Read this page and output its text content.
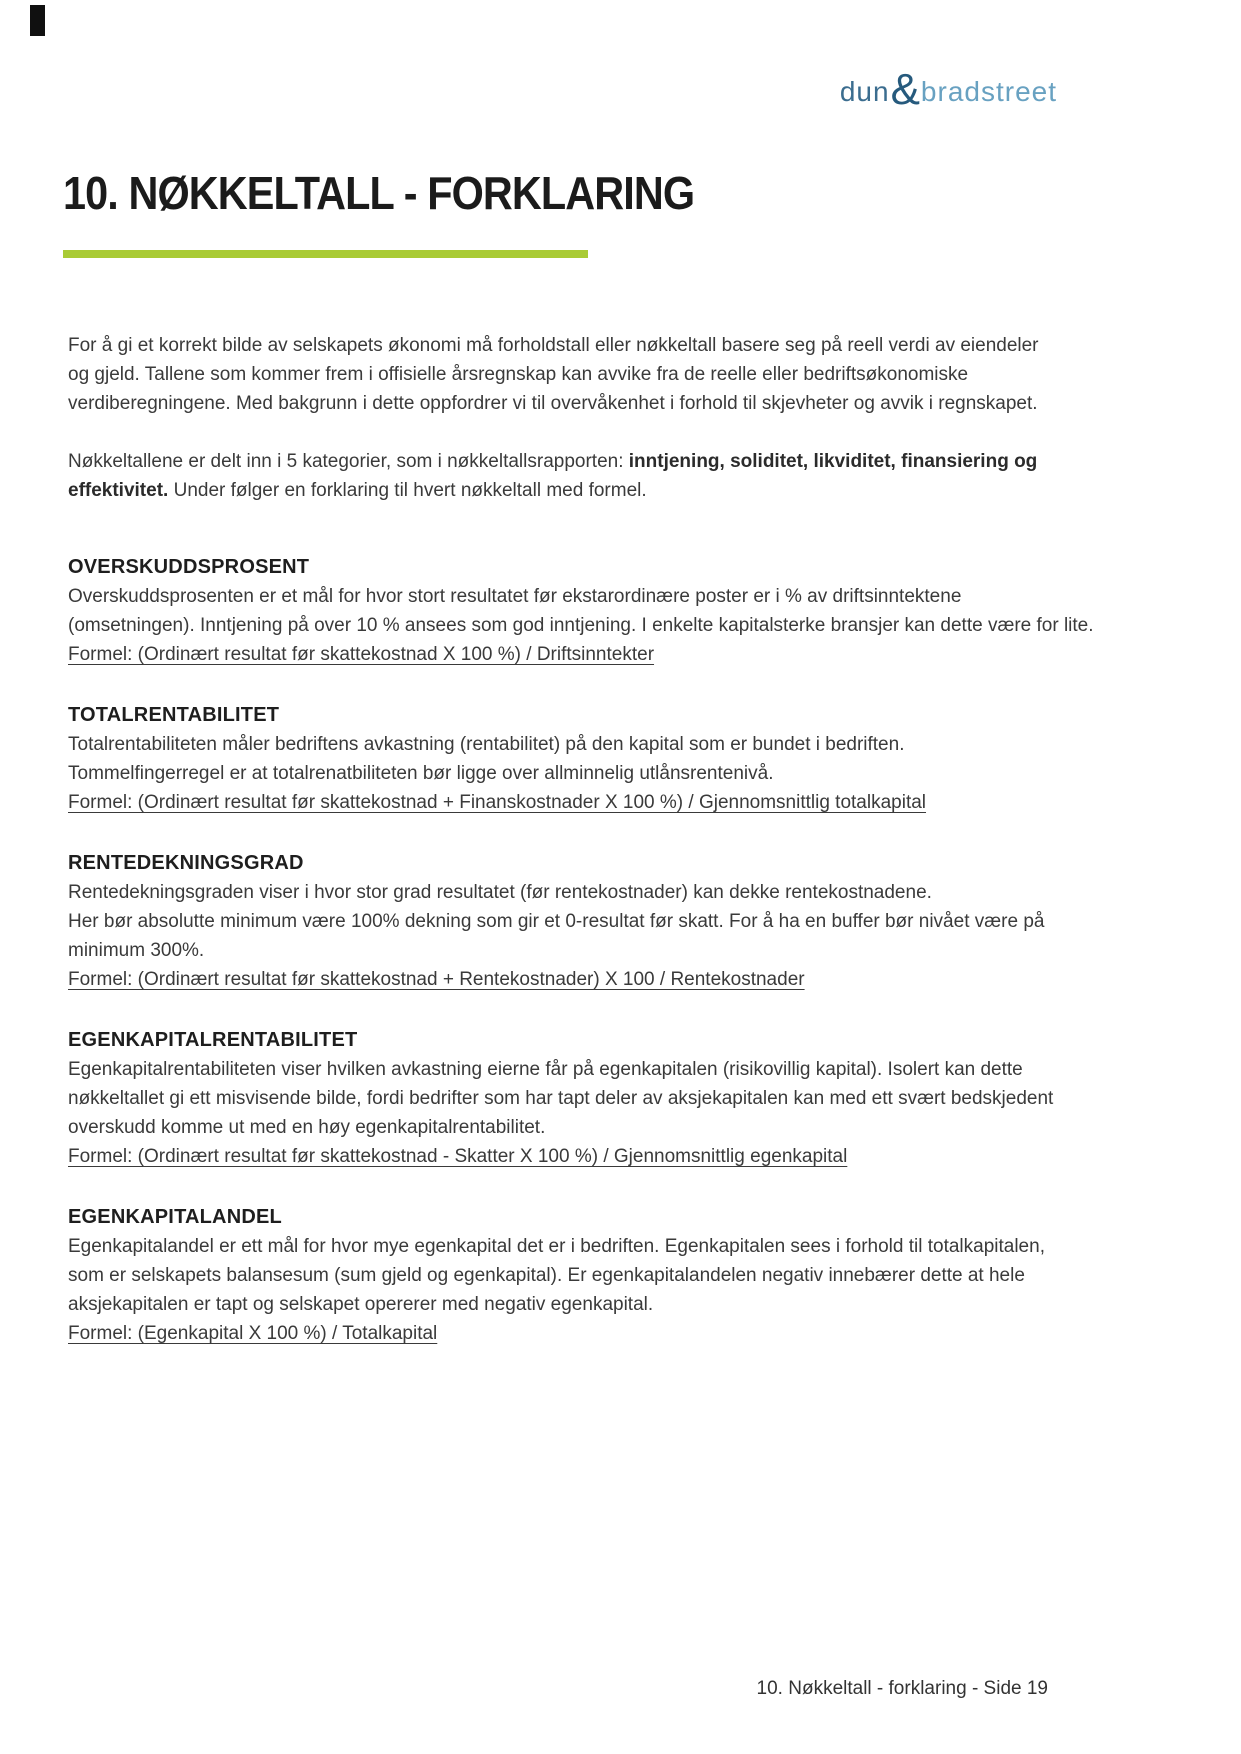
dun & bradstreet
10. NØKKELTALL - FORKLARING
For å gi et korrekt bilde av selskapets økonomi må forholdstall eller nøkkeltall basere seg på reell verdi av eiendeler
og gjeld. Tallene som kommer frem i offisielle årsregnskap kan avvike fra de reelle eller bedriftsøkonomiske
verdiberegningene. Med bakgrunn i dette oppfordrer vi til overvåkenhet i forhold til skjevheter og avvik i regnskapet.
Nøkkeltallene er delt inn i 5 kategorier, som i nøkkeltallsrapporten: inntjening, soliditet, likviditet, finansiering og
effektivitet. Under følger en forklaring til hvert nøkkeltall med formel.
OVERSKUDDSPROSENT
Overskuddsprosenten er et mål for hvor stort resultatet før ekstarordinære poster er i % av driftsinntektene
(omsetningen). Inntjening på over 10 % ansees som god inntjening. I enkelte kapitalsterke bransjer kan dette være for lite.
Formel: (Ordinært resultat før skattekostnad X 100 %) / Driftsinntekter
TOTALRENTABILITET
Totalrentabiliteten måler bedriftens avkastning (rentabilitet) på den kapital som er bundet i bedriften.
Tommelfingerregel er at totalrenatbiliteten bør ligge over allminnelig utlånsrentenivå.
Formel: (Ordinært resultat før skattekostnad + Finanskostnader X 100 %) / Gjennomsnittlig totalkapital
RENTEDEKNINGSGRAD
Rentedekningsgraden viser i hvor stor grad resultatet (før rentekostnader) kan dekke rentekostnadene.
Her bør absolutte minimum være 100% dekning som gir et 0-resultat før skatt. For å ha en buffer bør nivået være på
minimum 300%.
Formel: (Ordinært resultat før skattekostnad + Rentekostnader) X 100 / Rentekostnader
EGENKAPITALRENTABILITET
Egenkapitalrentabiliteten viser hvilken avkastning eierne får på egenkapitalen (risikovillig kapital). Isolert kan dette
nøkkeltallet gi ett misvisende bilde, fordi bedrifter som har tapt deler av aksjekapitalen kan med ett svært bedskjedent
overskudd komme ut med en høy egenkapitalrentabilitet.
Formel: (Ordinært resultat før skattekostnad - Skatter X 100 %) / Gjennomsnittlig egenkapital
EGENKAPITALANDEL
Egenkapitalandel er ett mål for hvor mye egenkapital det er i bedriften. Egenkapitalen sees i forhold til totalkapitalen,
som er selskapets balansesum (sum gjeld og egenkapital). Er egenkapitalandelen negativ innebærer dette at hele
aksjekapitalen er tapt og selskapet opererer med negativ egenkapital.
Formel: (Egenkapital X 100 %) / Totalkapital
10. Nøkkeltall - forklaring - Side 19
